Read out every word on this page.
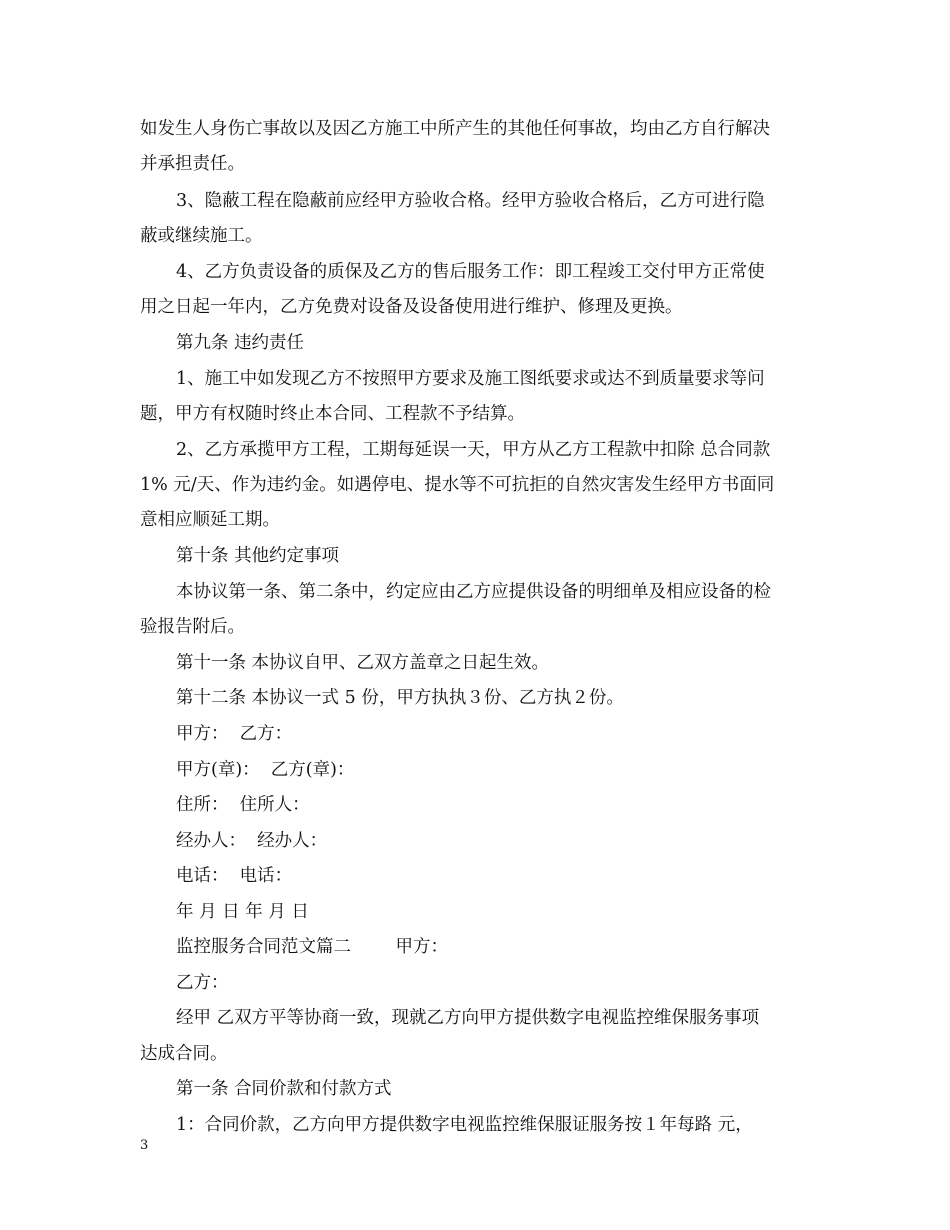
如发生人身伤亡事故以及因乙方施工中所产生的其他任何事故，均由乙方自行解决
并承担责任。
3、隐蔽工程在隐蔽前应经甲方验收合格。经甲方验收合格后，乙方可进行隐
蔽或继续施工。
4、乙方负责设备的质保及乙方的售后服务工作：即工程竣工交付甲方正常使
用之日起一年内，乙方免费对设备及设备使用进行维护、修理及更换。
第九条 违约责任
1、施工中如发现乙方不按照甲方要求及施工图纸要求或达不到质量要求等问
题，甲方有权随时终止本合同、工程款不予结算。
2、乙方承揽甲方工程，工期每延误一天，甲方从乙方工程款中扣除 总合同款
1% 元/天、作为违约金。如遇停电、提水等不可抗拒的自然灾害发生经甲方书面同
意相应顺延工期。
第十条 其他约定事项
本协议第一条、第二条中，约定应由乙方应提供设备的明细单及相应设备的检
验报告附后。
第十一条 本协议自甲、乙双方盖章之日起生效。
第十二条 本协议一式 5 份，甲方执执３份、乙方执２份。
甲方：  乙方：
甲方(章)：  乙方(章)：
住所：  住所人：
经办人：  经办人：
电话：  电话：
年 月 日 年 月 日
监控服务合同范文篇二        甲方：
乙方：
经甲 乙双方平等协商一致，现就乙方向甲方提供数字电视监控维保服务事项
达成合同。
第一条 合同价款和付款方式
1：合同价款，乙方向甲方提供数字电视监控维保服证服务按１年每路 元，
3
